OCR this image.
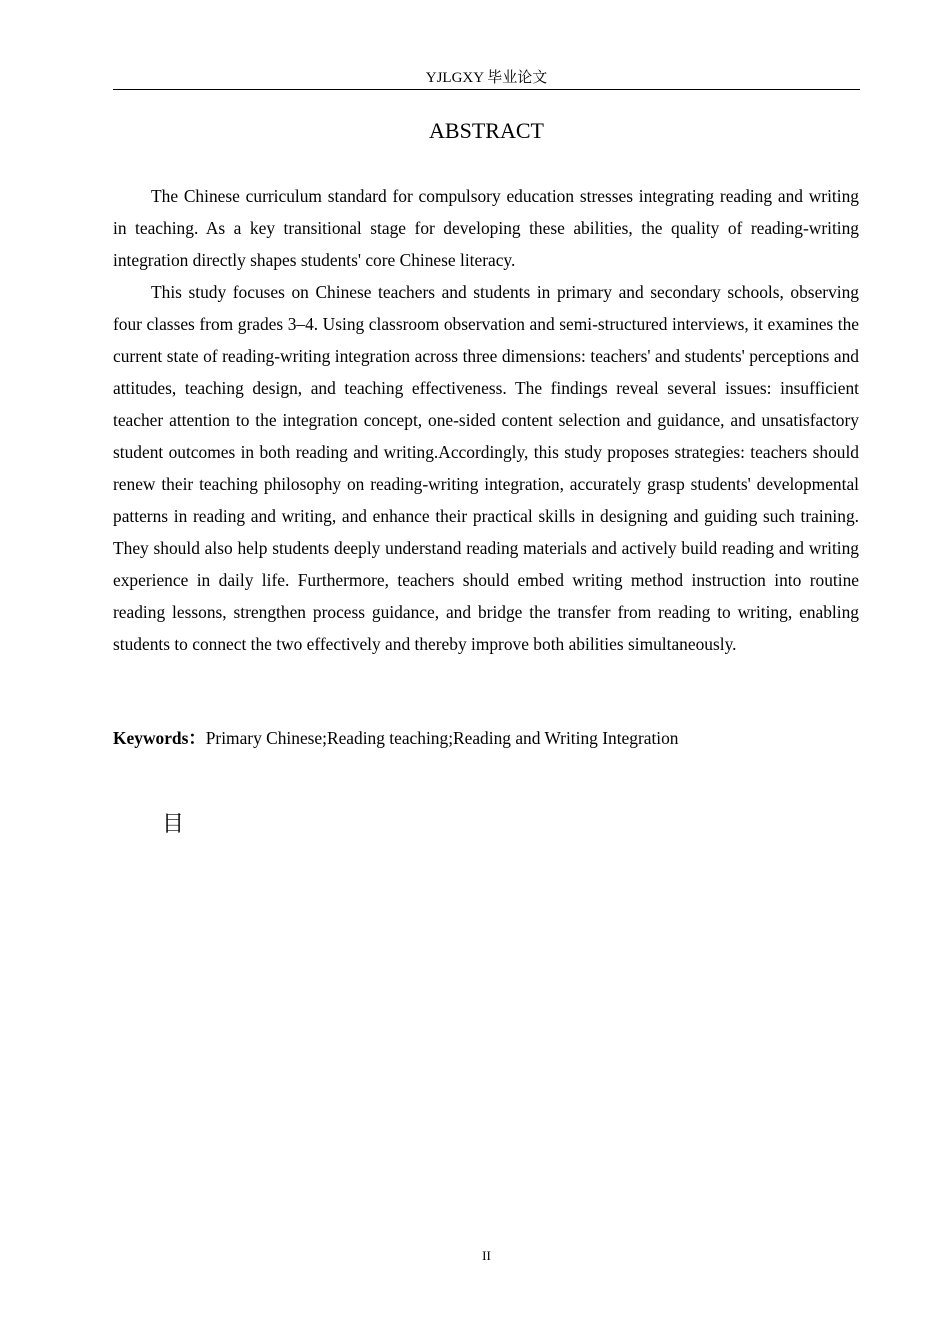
YJLGXY 毕业论文
ABSTRACT

The Chinese curriculum standard for compulsory education stresses integrating reading and writing in teaching. As a key transitional stage for developing these abilities, the quality of reading-writing integration directly shapes students' core Chinese literacy.

This study focuses on Chinese teachers and students in primary and secondary schools, observing four classes from grades 3–4. Using classroom observation and semi-structured interviews, it examines the current state of reading-writing integration across three dimensions: teachers' and students' perceptions and attitudes, teaching design, and teaching effectiveness. The findings reveal several issues: insufficient teacher attention to the integration concept, one-sided content selection and guidance, and unsatisfactory student outcomes in both reading and writing.Accordingly, this study proposes strategies: teachers should renew their teaching philosophy on reading-writing integration, accurately grasp students' developmental patterns in reading and writing, and enhance their practical skills in designing and guiding such training. They should also help students deeply understand reading materials and actively build reading and writing experience in daily life. Furthermore, teachers should embed writing method instruction into routine reading lessons, strengthen process guidance, and bridge the transfer from reading to writing, enabling students to connect the two effectively and thereby improve both abilities simultaneously.

Keywords：Primary Chinese;Reading teaching;Reading and Writing Integration

目
II
